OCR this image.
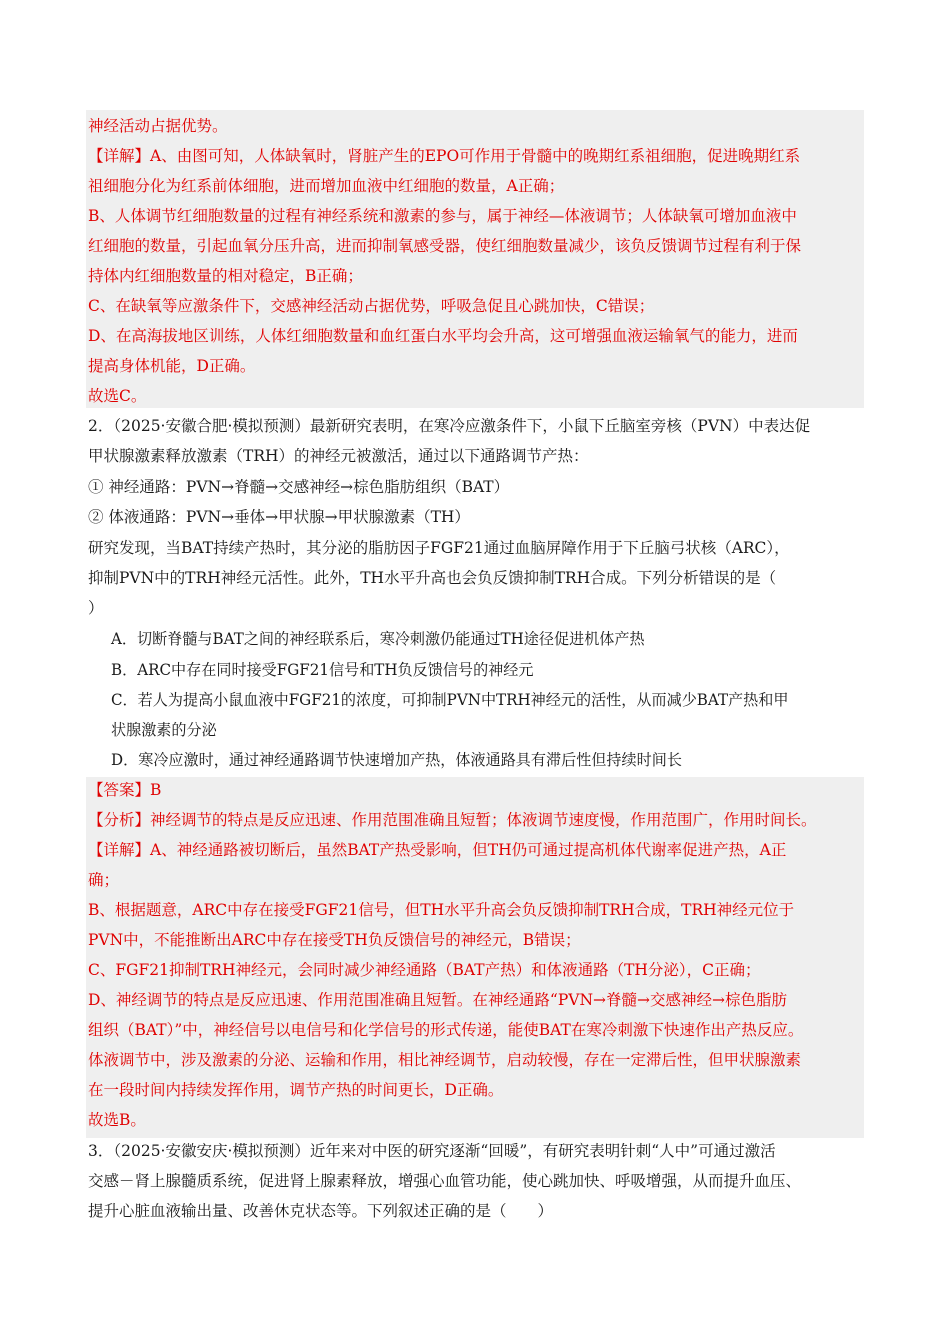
神经活动占据优势。
【详解】A、由图可知，人体缺氧时，肾脏产生的EPO可作用于骨髓中的晚期红系祖细胞，促进晚期红系
祖细胞分化为红系前体细胞，进而增加血液中红细胞的数量，A正确；
B、人体调节红细胞数量的过程有神经系统和激素的参与，属于神经—体液调节；人体缺氧可增加血液中
红细胞的数量，引起血氧分压升高，进而抑制氧感受器，使红细胞数量减少，该负反馈调节过程有利于保
持体内红细胞数量的相对稳定，B正确；
C、在缺氧等应激条件下，交感神经活动占据优势，呼吸急促且心跳加快，C错误；
D、在高海拔地区训练，人体红细胞数量和血红蛋白水平均会升高，这可增强血液运输氧气的能力，进而
提高身体机能，D正确。
故选C。
2．（2025·安徽合肥·模拟预测）最新研究表明，在寒冷应激条件下，小鼠下丘脑室旁核（PVN）中表达促
甲状腺激素释放激素（TRH）的神经元被激活，通过以下通路调节产热：
① 神经通路：PVN→脊髓→交感神经→棕色脂肪组织（BAT）
② 体液通路：PVN→垂体→甲状腺→甲状腺激素（TH）
研究发现，当BAT持续产热时，其分泌的脂肪因子FGF21通过血脑屏障作用于下丘脑弓状核（ARC），
抑制PVN中的TRH神经元活性。此外，TH水平升高也会负反馈抑制TRH合成。下列分析错误的是（
）
A．切断脊髓与BAT之间的神经联系后，寒冷刺激仍能通过TH途径促进机体产热
B．ARC中存在同时接受FGF21信号和TH负反馈信号的神经元
C．若人为提高小鼠血液中FGF21的浓度，可抑制PVN中TRH神经元的活性，从而减少BAT产热和甲
状腺激素的分泌
D．寒冷应激时，通过神经通路调节快速增加产热，体液通路具有滞后性但持续时间长
【答案】B
【分析】神经调节的特点是反应迅速、作用范围准确且短暂；体液调节速度慢，作用范围广，作用时间长。
【详解】A、神经通路被切断后，虽然BAT产热受影响，但TH仍可通过提高机体代谢率促进产热，A正
确；
B、根据题意，ARC中存在接受FGF21信号，但TH水平升高会负反馈抑制TRH合成，TRH神经元位于
PVN中，不能推断出ARC中存在接受TH负反馈信号的神经元，B错误；
C、FGF21抑制TRH神经元，会同时减少神经通路（BAT产热）和体液通路（TH分泌），C正确；
D、神经调节的特点是反应迅速、作用范围准确且短暂。在神经通路“PVN→脊髓→交感神经→棕色脂肪
组织（BAT）”中，神经信号以电信号和化学信号的形式传递，能使BAT在寒冷刺激下快速作出产热反应。
体液调节中，涉及激素的分泌、运输和作用，相比神经调节，启动较慢，存在一定滞后性，但甲状腺激素
在一段时间内持续发挥作用，调节产热的时间更长，D正确。
故选B。
3．（2025·安徽安庆·模拟预测）近年来对中医的研究逐渐“回暖”，有研究表明针刺“人中”可通过激活
交感－肾上腺髓质系统，促进肾上腺素释放，增强心血管功能，使心跳加快、呼吸增强，从而提升血压、
提升心脏血液输出量、改善休克状态等。下列叙述正确的是（　　）
